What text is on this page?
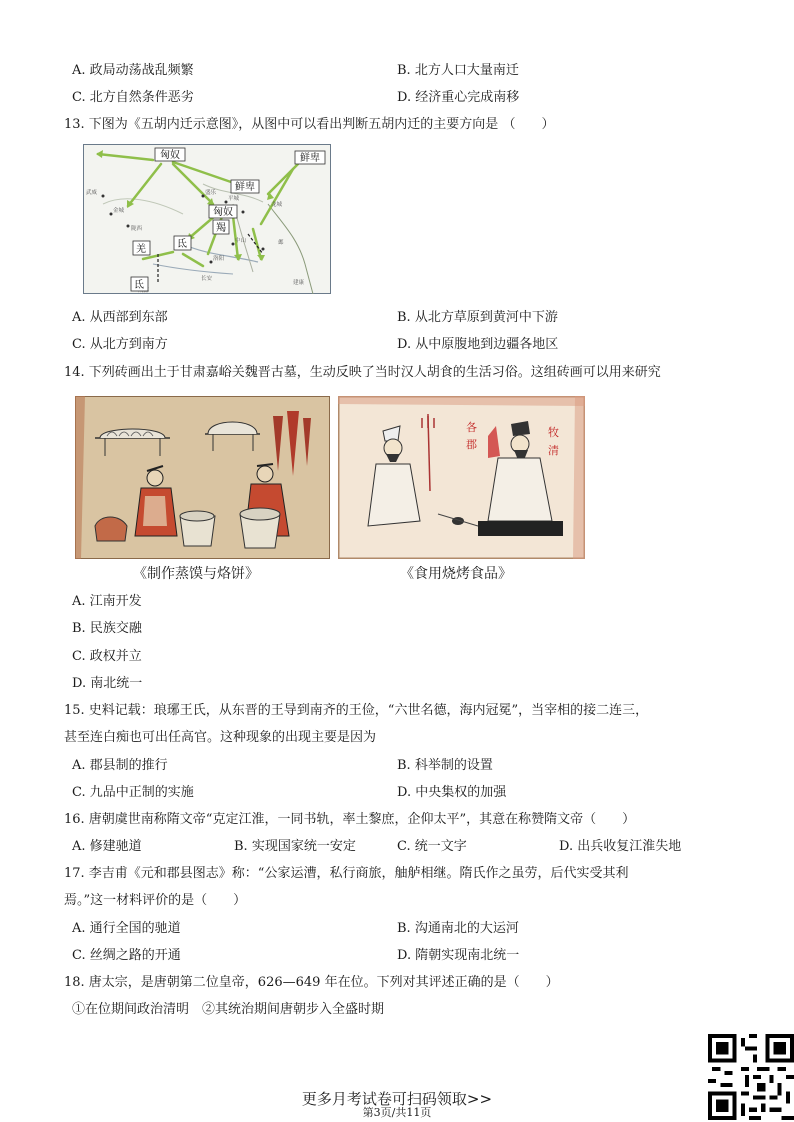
A. 政局动荡战乱频繁	B. 北方人口大量南迁
C. 北方自然条件恶劣	D. 经济重心完成南移
13. 下图为《五胡内迁示意图》，从图中可以看出判断五胡内迁的主要方向是 （　　）
武威
金城
陇西
盛乐
平城
中山
洛阳
长安
龙城
邺
建康
匈奴	鲜卑
鲜卑
匈奴
羯
羌	氐
氐
A. 从西部到东部	B. 从北方草原到黄河中下游
C. 从北方到南方	D. 从中原腹地到边疆各地区
14. 下列砖画出土于甘肃嘉峪关魏晋古墓，生动反映了当时汉人胡食的生活习俗。这组砖画可以用来研究
各
郡
牧
清
《制作蒸馍与烙饼》	《食用烧烤食品》
A. 江南开发
B. 民族交融
C. 政权并立
D. 南北统一
15. 史料记载：琅琊王氏，从东晋的王导到南齐的王俭，“六世名德，海内冠冕”，当宰相的接二连三，
甚至连白痴也可出任高官。这种现象的出现主要是因为
A. 郡县制的推行	B. 科举制的设置
C. 九品中正制的实施	D. 中央集权的加强
16. 唐朝虞世南称隋文帝“克定江淮，一同书轨，率土黎庶，企仰太平”，其意在称赞隋文帝（　　）
A. 修建驰道	B. 实现国家统一安定	C. 统一文字	D. 出兵收复江淮失地
17. 李吉甫《元和郡县图志》称：“公家运漕，私行商旅，舳舻相继。隋氏作之虽劳，后代实受其利
焉。”这一材料评价的是（　　）
A. 通行全国的驰道	B. 沟通南北的大运河
C. 丝绸之路的开通	D. 隋朝实现南北统一
18. 唐太宗，是唐朝第二位皇帝，626—649 年在位。下列对其评述正确的是（　　）
①在位期间政治清明　②其统治期间唐朝步入全盛时期
更多月考试卷可扫码领取>>
第3页/共11页
